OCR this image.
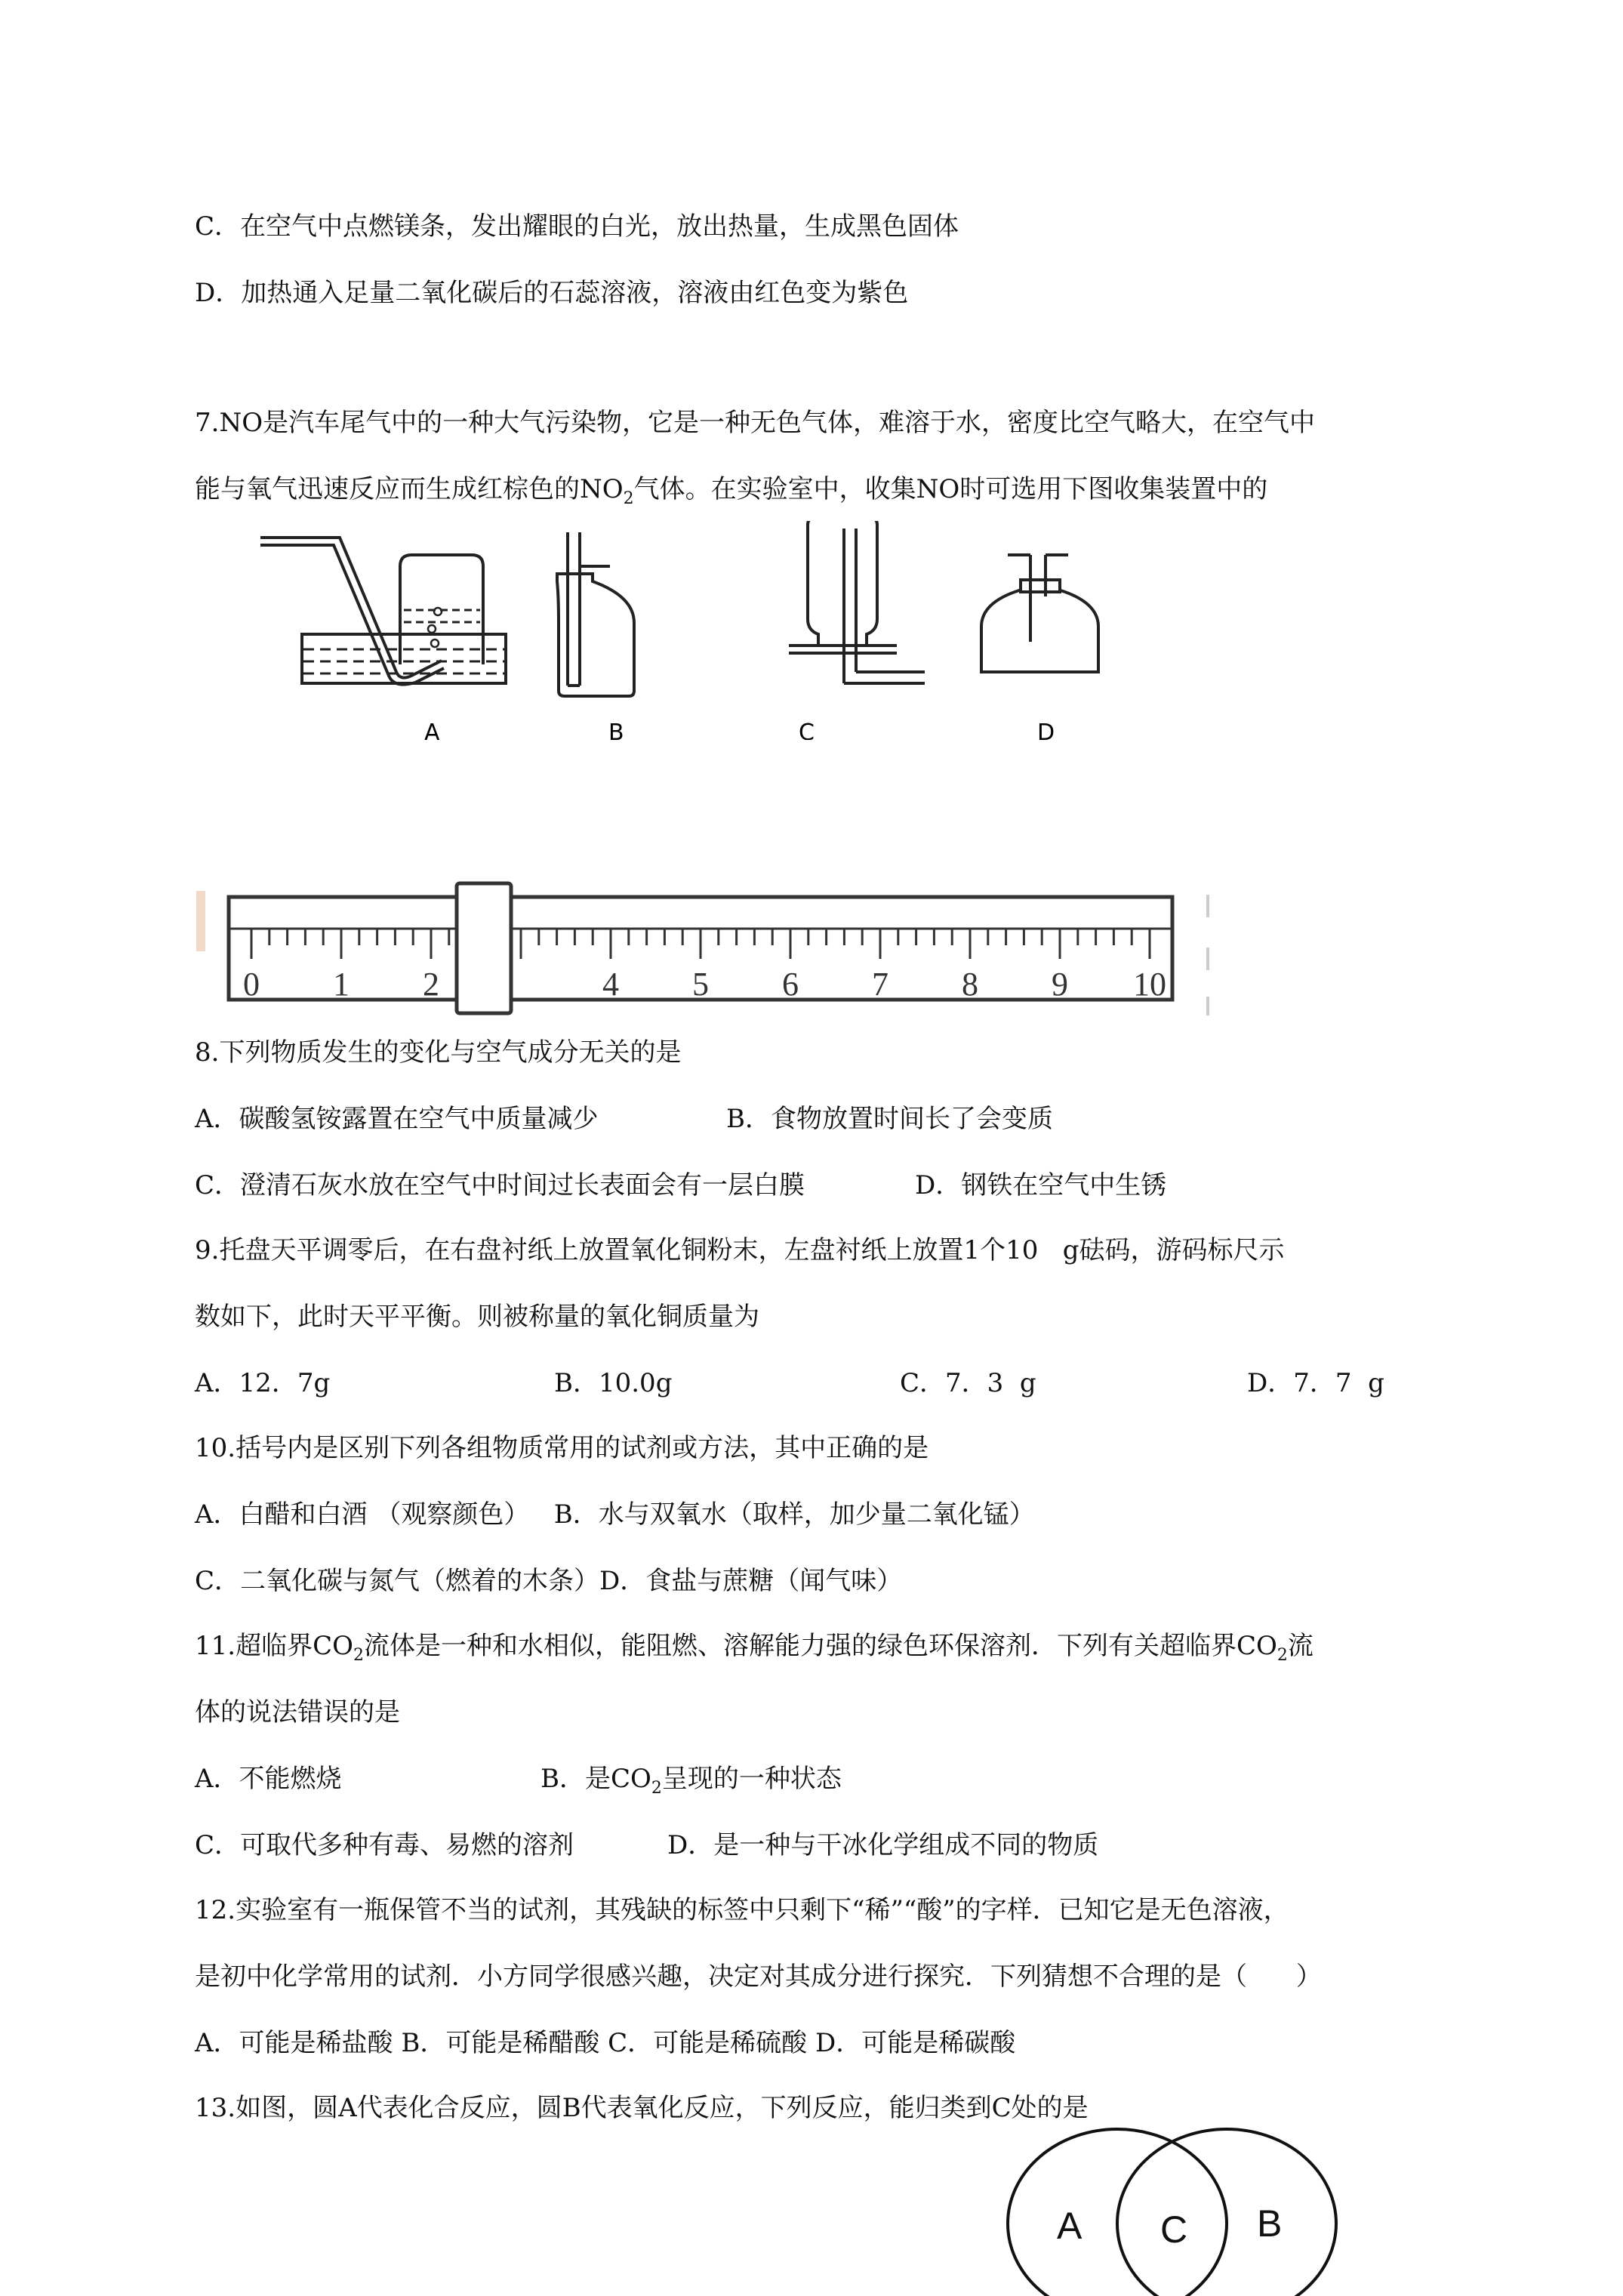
C．在空气中点燃镁条，发出耀眼的白光，放出热量，生成黑色固体
D．加热通入足量二氧化碳后的石蕊溶液，溶液由红色变为紫色
7.NO是汽车尾气中的一种大气污染物，它是一种无色气体，难溶于水，密度比空气略大，在空气中
能与氧气迅速反应而生成红棕色的$NO_2$气体。在实验室中，收集NO时可选用下图收集装置中的
A	B	C	D
0 1 2	4 5 6 7 8 9 10
8.下列物质发生的变化与空气成分无关的是
A．碳酸氢铵露置在空气中质量减少	B．食物放置时间长了会变质
C．澄清石灰水放在空气中时间过长表面会有一层白膜	D．钢铁在空气中生锈
9.托盘天平调零后，在右盘衬纸上放置氧化铜粉末，左盘衬纸上放置1个10   g砝码，游码标尺示
数如下，此时天平平衡。则被称量的氧化铜质量为
A．12．7g	B．10.0g	C．7．3  g	D．7．7  g
10.括号内是区别下列各组物质常用的试剂或方法，其中正确的是
A．白醋和白酒 （观察颜色）   B．水与双氧水（取样，加少量二氧化锰）
C．二氧化碳与氮气（燃着的木条）D．食盐与蔗糖（闻气味）
11.超临界$CO_2$流体是一种和水相似，能阻燃、溶解能力强的绿色环保溶剂．下列有关超临界$CO_2$流
体的说法错误的是
A．不能燃烧	B．是$CO_2$呈现的一种状态
C．可取代多种有毒、易燃的溶剂	D．是一种与干冰化学组成不同的物质
12.实验室有一瓶保管不当的试剂，其残缺的标签中只剩下“稀”“酸”的字样．已知它是无色溶液，
是初中化学常用的试剂．小方同学很感兴趣，决定对其成分进行探究．下列猜想不合理的是（      ）
A．可能是稀盐酸 B．可能是稀醋酸 C．可能是稀硫酸 D．可能是稀碳酸
13.如图，圆A代表化合反应，圆B代表氧化反应，下列反应，能归类到C处的是
A C B
